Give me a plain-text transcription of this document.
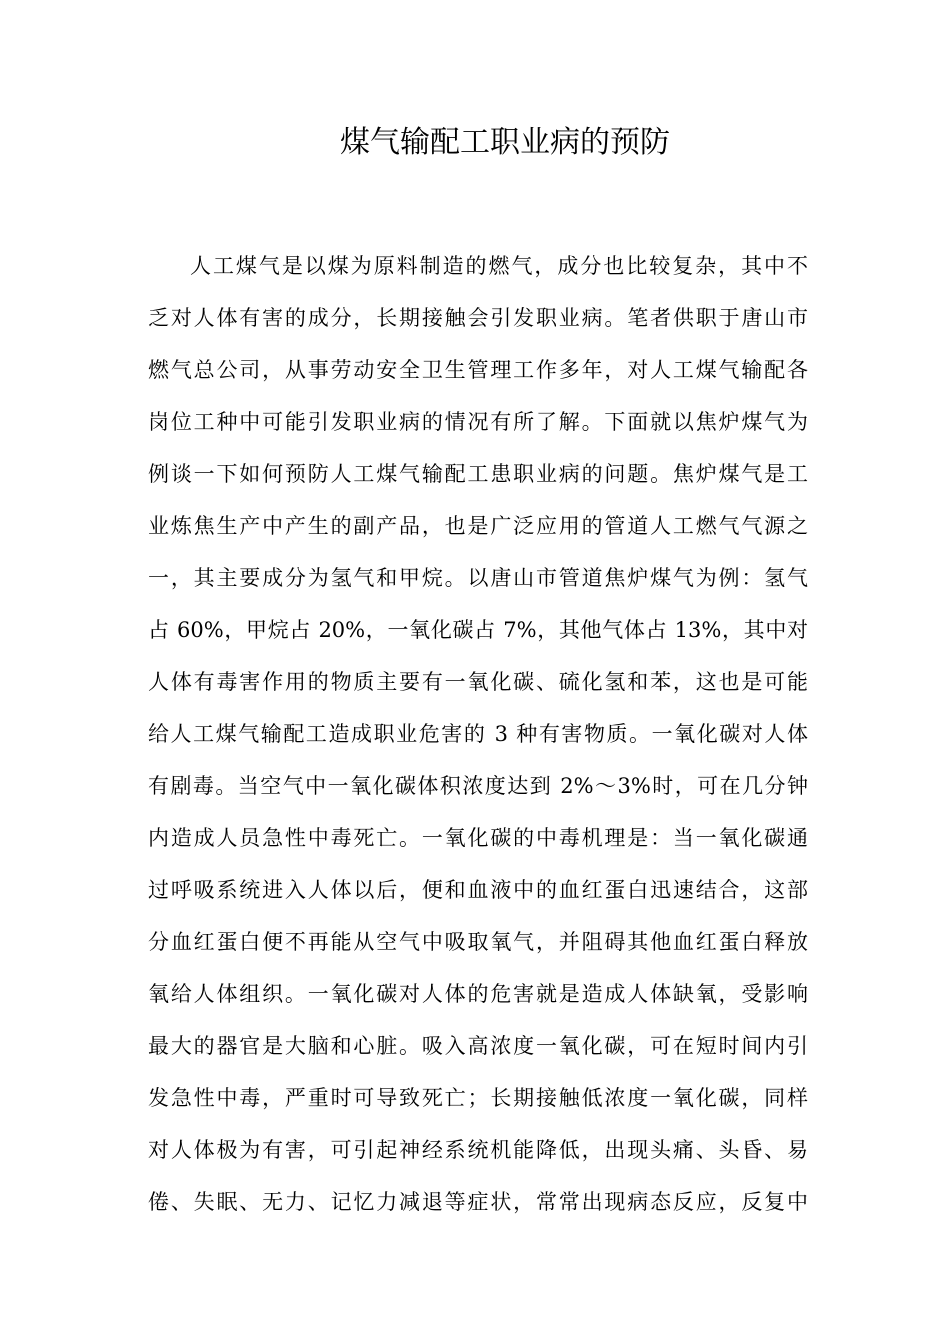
煤气输配工职业病的预防
人工煤气是以煤为原料制造的燃气，成分也比较复杂，其中不
乏对人体有害的成分，长期接触会引发职业病。笔者供职于唐山市
燃气总公司，从事劳动安全卫生管理工作多年，对人工煤气输配各
岗位工种中可能引发职业病的情况有所了解。下面就以焦炉煤气为
例谈一下如何预防人工煤气输配工患职业病的问题。焦炉煤气是工
业炼焦生产中产生的副产品，也是广泛应用的管道人工燃气气源之
一，其主要成分为氢气和甲烷。以唐山市管道焦炉煤气为例：氢气
占 60%，甲烷占 20%，一氧化碳占 7%，其他气体占 13%，其中对
人体有毒害作用的物质主要有一氧化碳、硫化氢和苯，这也是可能
给人工煤气输配工造成职业危害的 3 种有害物质。一氧化碳对人体
有剧毒。当空气中一氧化碳体积浓度达到 2%～3%时，可在几分钟
内造成人员急性中毒死亡。一氧化碳的中毒机理是：当一氧化碳通
过呼吸系统进入人体以后，便和血液中的血红蛋白迅速结合，这部
分血红蛋白便不再能从空气中吸取氧气，并阻碍其他血红蛋白释放
氧给人体组织。一氧化碳对人体的危害就是造成人体缺氧，受影响
最大的器官是大脑和心脏。吸入高浓度一氧化碳，可在短时间内引
发急性中毒，严重时可导致死亡；长期接触低浓度一氧化碳，同样
对人体极为有害，可引起神经系统机能降低，出现头痛、头昏、易
倦、失眠、无力、记忆力减退等症状，常常出现病态反应，反复中
